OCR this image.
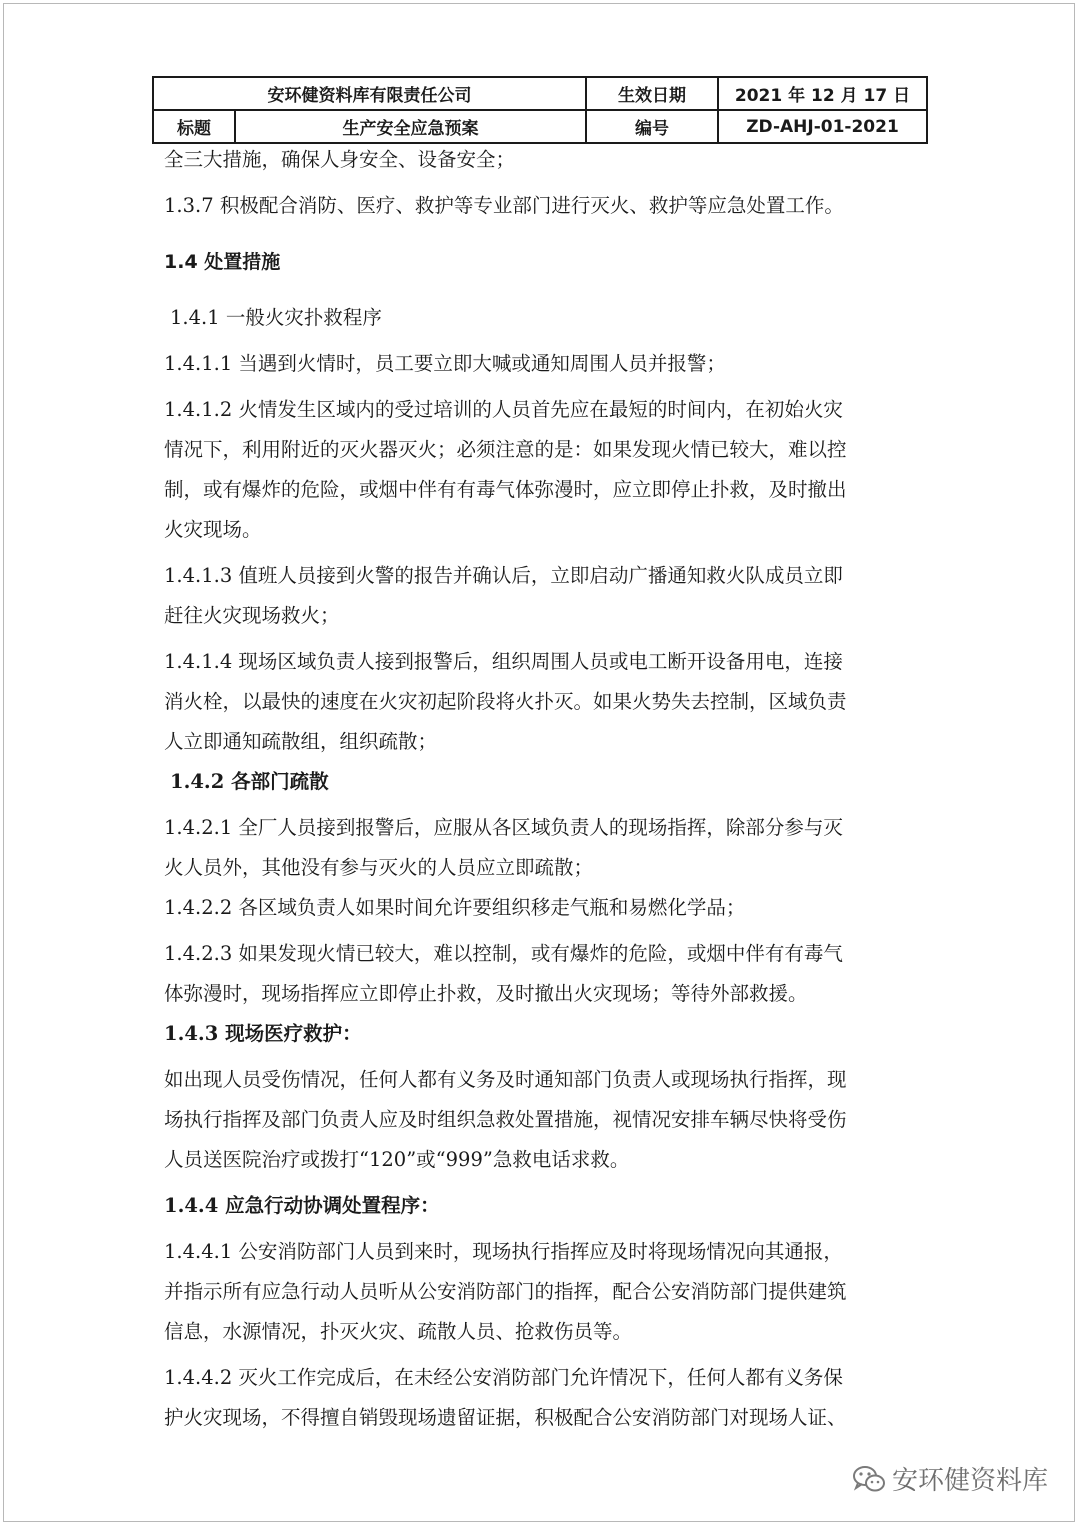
安环健资料库有限责任公司		生效日期	2021 年 12 月 17 日
标题	生产安全应急预案	编号	ZD-AHJ-01-2021
全三大措施，确保人身安全、设备安全；
1.3.7 积极配合消防、医疗、救护等专业部门进行灭火、救护等应急处置工作。
1.4 处置措施
1.4.1 一般火灾扑救程序
1.4.1.1 当遇到火情时，员工要立即大喊或通知周围人员并报警；
1.4.1.2 火情发生区域内的受过培训的人员首先应在最短的时间内，在初始火灾
情况下，利用附近的灭火器灭火；必须注意的是：如果发现火情已较大，难以控
制，或有爆炸的危险，或烟中伴有有毒气体弥漫时，应立即停止扑救，及时撤出
火灾现场。
1.4.1.3 值班人员接到火警的报告并确认后，立即启动广播通知救火队成员立即
赶往火灾现场救火；
1.4.1.4 现场区域负责人接到报警后，组织周围人员或电工断开设备用电，连接
消火栓，以最快的速度在火灾初起阶段将火扑灭。如果火势失去控制，区域负责
人立即通知疏散组，组织疏散；
1.4.2 各部门疏散
1.4.2.1 全厂人员接到报警后，应服从各区域负责人的现场指挥，除部分参与灭
火人员外，其他没有参与灭火的人员应立即疏散；
1.4.2.2 各区域负责人如果时间允许要组织移走气瓶和易燃化学品；
1.4.2.3 如果发现火情已较大，难以控制，或有爆炸的危险，或烟中伴有有毒气
体弥漫时，现场指挥应立即停止扑救，及时撤出火灾现场；等待外部救援。
1.4.3 现场医疗救护：
如出现人员受伤情况，任何人都有义务及时通知部门负责人或现场执行指挥，现
场执行指挥及部门负责人应及时组织急救处置措施，视情况安排车辆尽快将受伤
人员送医院治疗或拨打“120”或“999”急救电话求救。
1.4.4 应急行动协调处置程序：
1.4.4.1 公安消防部门人员到来时，现场执行指挥应及时将现场情况向其通报，
并指示所有应急行动人员听从公安消防部门的指挥，配合公安消防部门提供建筑
信息，水源情况，扑灭火灾、疏散人员、抢救伤员等。
1.4.4.2 灭火工作完成后，在未经公安消防部门允许情况下，任何人都有义务保
护火灾现场，不得擅自销毁现场遗留证据，积极配合公安消防部门对现场人证、
安环健资料库
